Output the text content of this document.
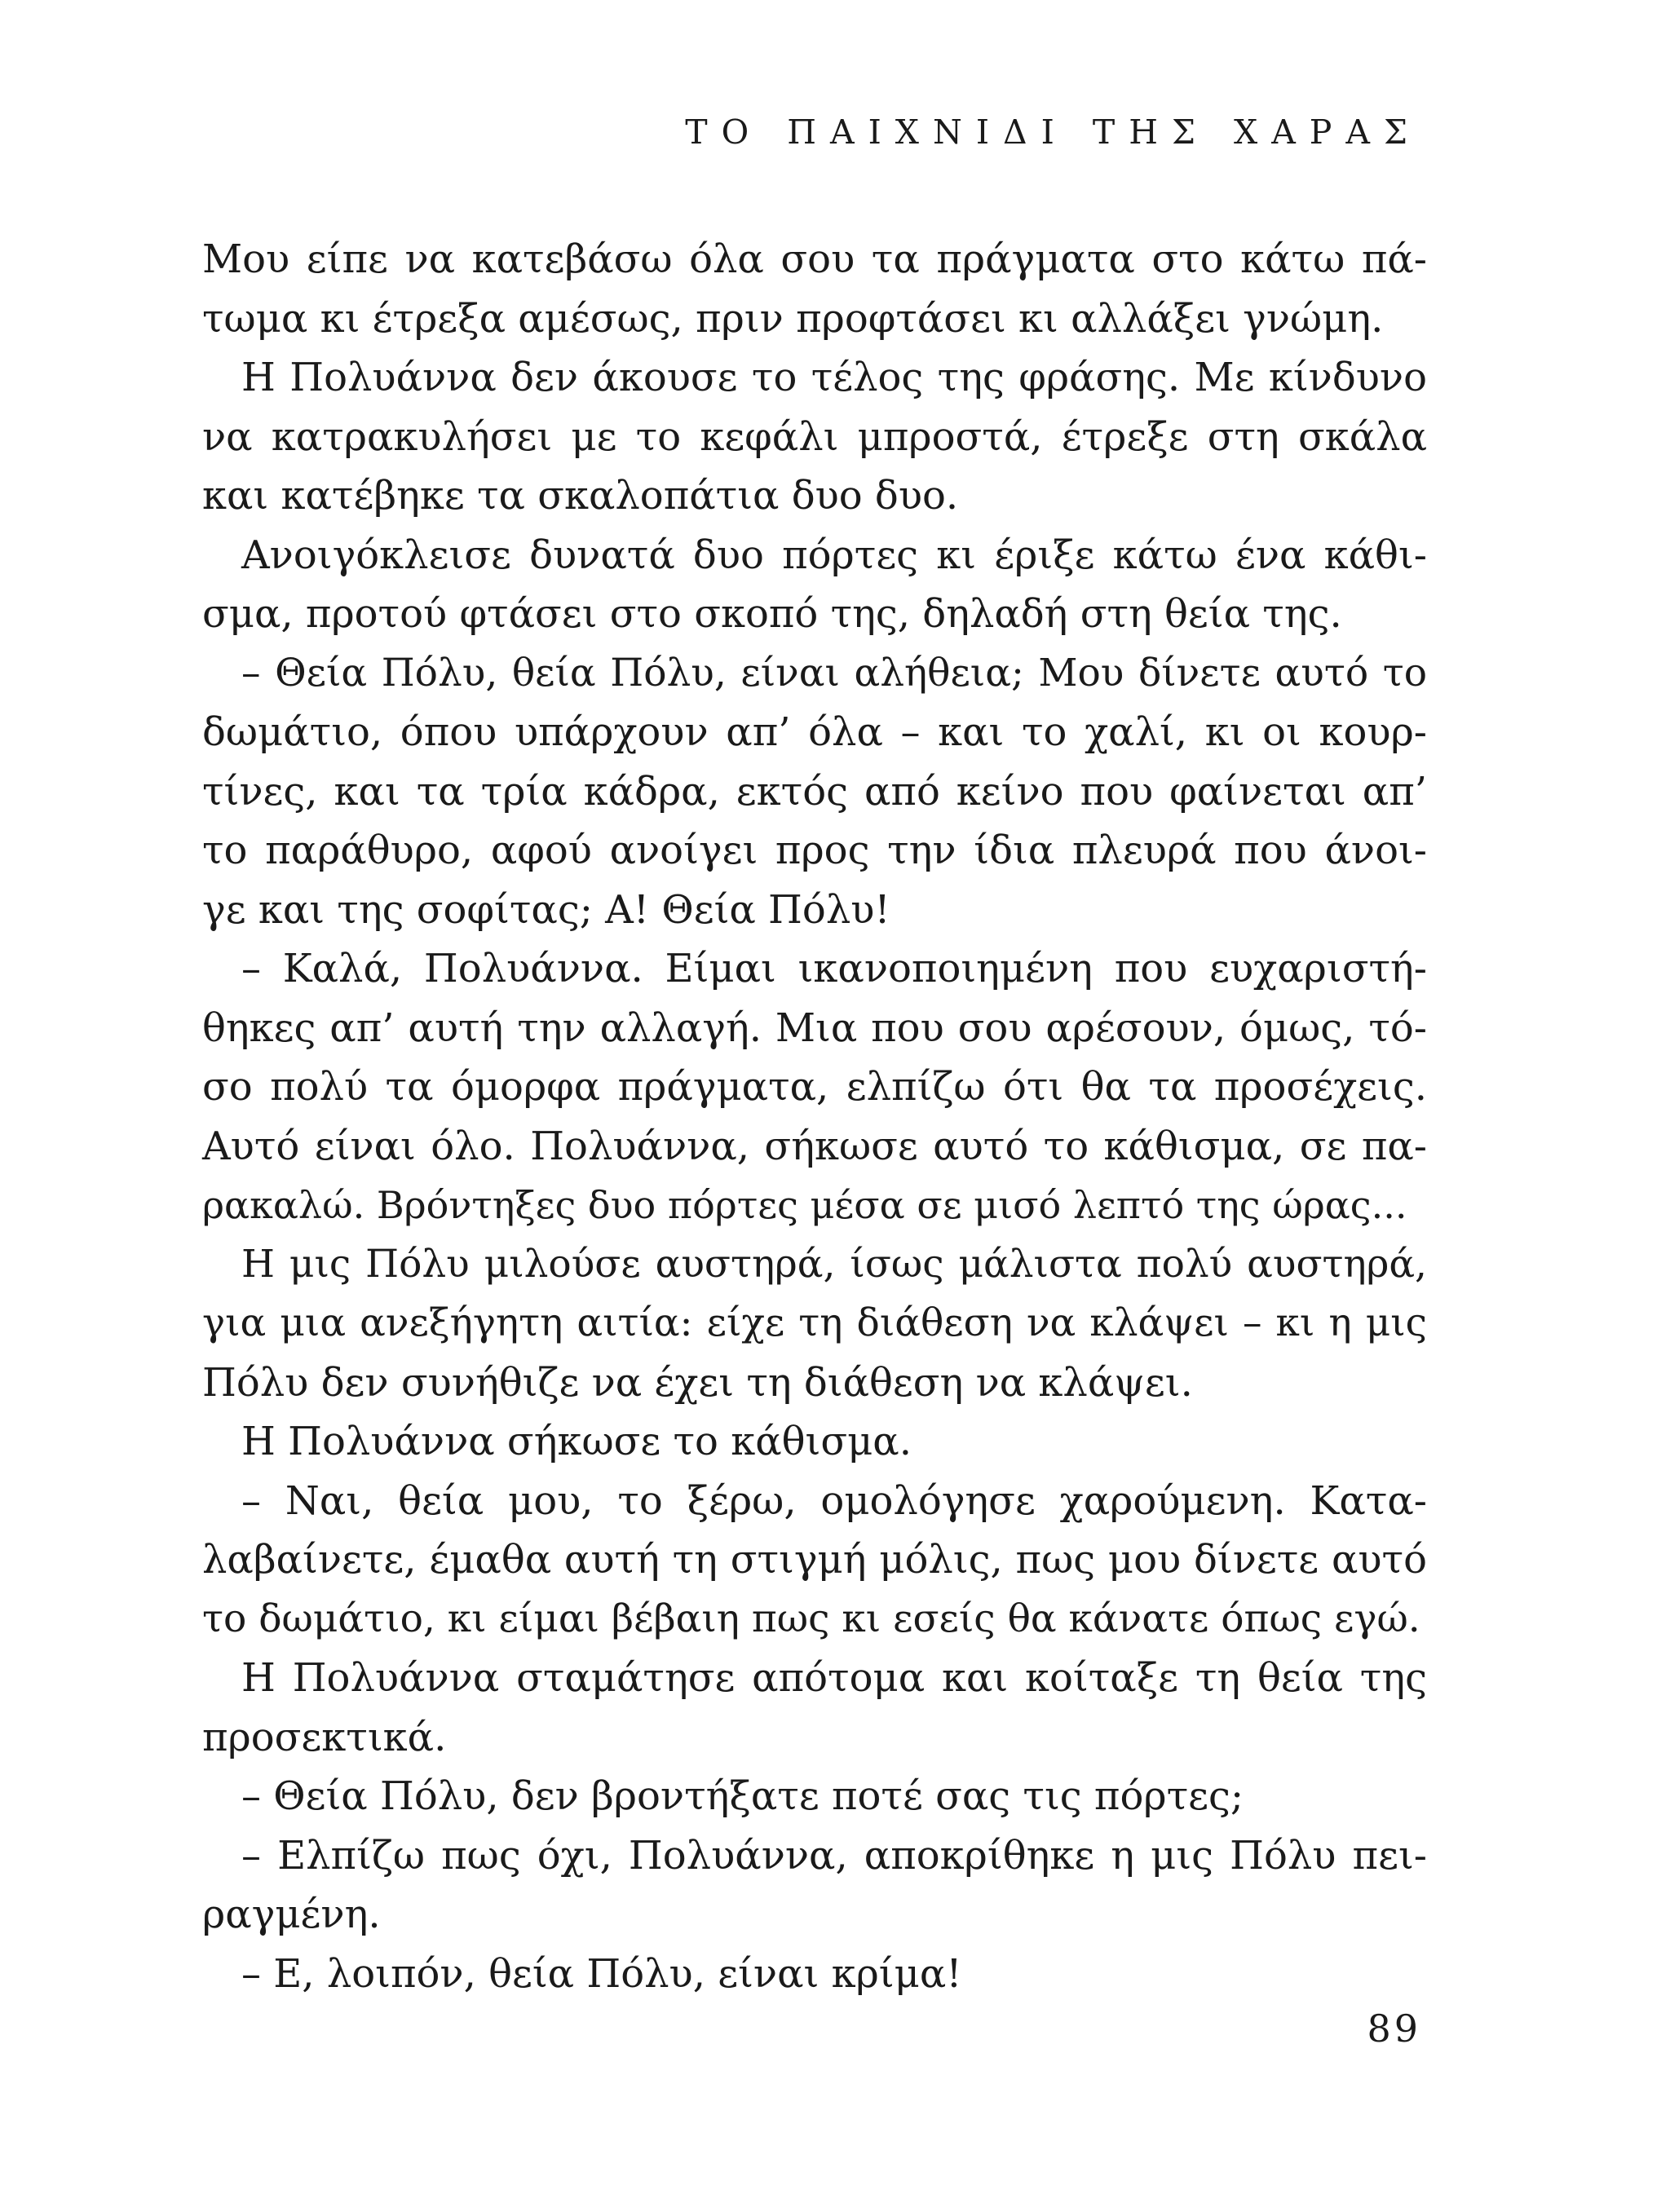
ΤΟ ΠΑΙΧΝΙΔΙ ΤΗΣ ΧΑΡΑΣ
Μου είπε να κατεβάσω όλα σου τα πράγματα στο κάτω πά-
τωμα κι έτρεξα αμέσως, πριν προφτάσει κι αλλάξει γνώμη.
Η Πολυάννα δεν άκουσε το τέλος της φράσης. Με κίνδυνο
να κατρακυλήσει με το κεφάλι μπροστά, έτρεξε στη σκάλα
και κατέβηκε τα σκαλοπάτια δυο δυο.
Ανοιγόκλεισε δυνατά δυο πόρτες κι έριξε κάτω ένα κάθι-
σμα, προτού φτάσει στο σκοπό της, δηλαδή στη θεία της.
– Θεία Πόλυ, θεία Πόλυ, είναι αλήθεια; Μου δίνετε αυτό το
δωμάτιο, όπου υπάρχουν απ’ όλα – και το χαλί, κι οι κουρ-
τίνες, και τα τρία κάδρα, εκτός από κείνο που φαίνεται απ’
το παράθυρο, αφού ανοίγει προς την ίδια πλευρά που άνοι-
γε και της σοφίτας; Α! Θεία Πόλυ!
– Καλά, Πολυάννα. Είμαι ικανοποιημένη που ευχαριστή-
θηκες απ’ αυτή την αλλαγή. Μια που σου αρέσουν, όμως, τό-
σο πολύ τα όμορφα πράγματα, ελπίζω ότι θα τα προσέχεις.
Αυτό είναι όλο. Πολυάννα, σήκωσε αυτό το κάθισμα, σε πα-
ρακαλώ. Βρόντηξες δυο πόρτες μέσα σε μισό λεπτό της ώρας...
Η μις Πόλυ μιλούσε αυστηρά, ίσως μάλιστα πολύ αυστηρά,
για μια ανεξήγητη αιτία: είχε τη διάθεση να κλάψει – κι η μις
Πόλυ δεν συνήθιζε να έχει τη διάθεση να κλάψει.
Η Πολυάννα σήκωσε το κάθισμα.
– Ναι, θεία μου, το ξέρω, ομολόγησε χαρούμενη. Κατα-
λαβαίνετε, έμαθα αυτή τη στιγμή μόλις, πως μου δίνετε αυτό
το δωμάτιο, κι είμαι βέβαιη πως κι εσείς θα κάνατε όπως εγώ.
Η Πολυάννα σταμάτησε απότομα και κοίταξε τη θεία της
προσεκτικά.
– Θεία Πόλυ, δεν βροντήξατε ποτέ σας τις πόρτες;
– Ελπίζω πως όχι, Πολυάννα, αποκρίθηκε η μις Πόλυ πει-
ραγμένη.
– Ε, λοιπόν, θεία Πόλυ, είναι κρίμα!
89
